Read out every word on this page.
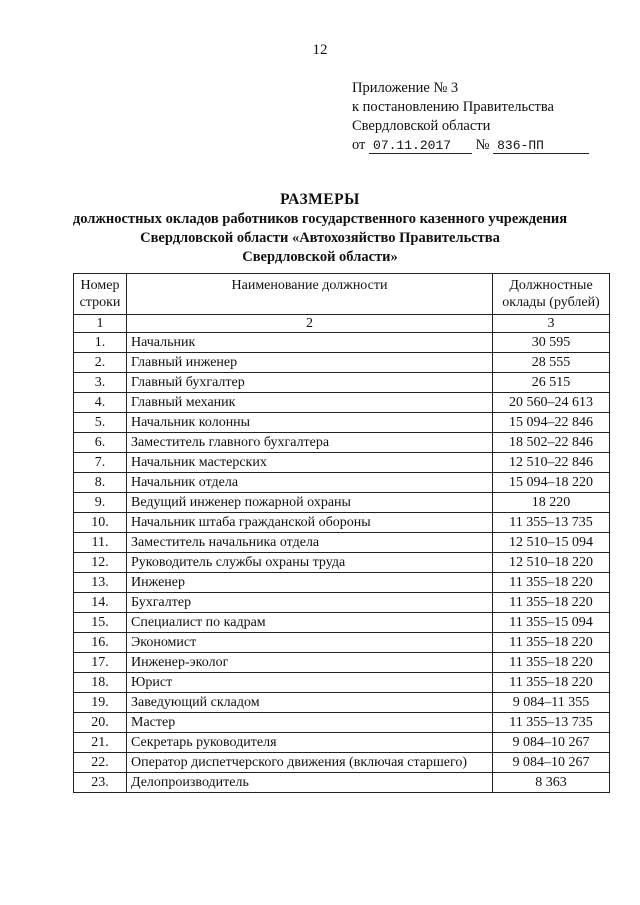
12
Приложение № 3
к постановлению Правительства
Свердловской области
от 07.11.2017 № 836-ПП
РАЗМЕРЫ
должностных окладов работников государственного казенного учреждения
Свердловской области «Автохозяйство Правительства
Свердловской области»
Номер строки	Наименование должности	Должностные оклады (рублей)
1	2	3
1.	Начальник	30 595
2.	Главный инженер	28 555
3.	Главный бухгалтер	26 515
4.	Главный механик	20 560–24 613
5.	Начальник колонны	15 094–22 846
6.	Заместитель главного бухгалтера	18 502–22 846
7.	Начальник мастерских	12 510–22 846
8.	Начальник отдела	15 094–18 220
9.	Ведущий инженер пожарной охраны	18 220
10.	Начальник штаба гражданской обороны	11 355–13 735
11.	Заместитель начальника отдела	12 510–15 094
12.	Руководитель службы охраны труда	12 510–18 220
13.	Инженер	11 355–18 220
14.	Бухгалтер	11 355–18 220
15.	Специалист по кадрам	11 355–15 094
16.	Экономист	11 355–18 220
17.	Инженер-эколог	11 355–18 220
18.	Юрист	11 355–18 220
19.	Заведующий складом	9 084–11 355
20.	Мастер	11 355–13 735
21.	Секретарь руководителя	9 084–10 267
22.	Оператор диспетчерского движения (включая старшего)	9 084–10 267
23.	Делопроизводитель	8 363
